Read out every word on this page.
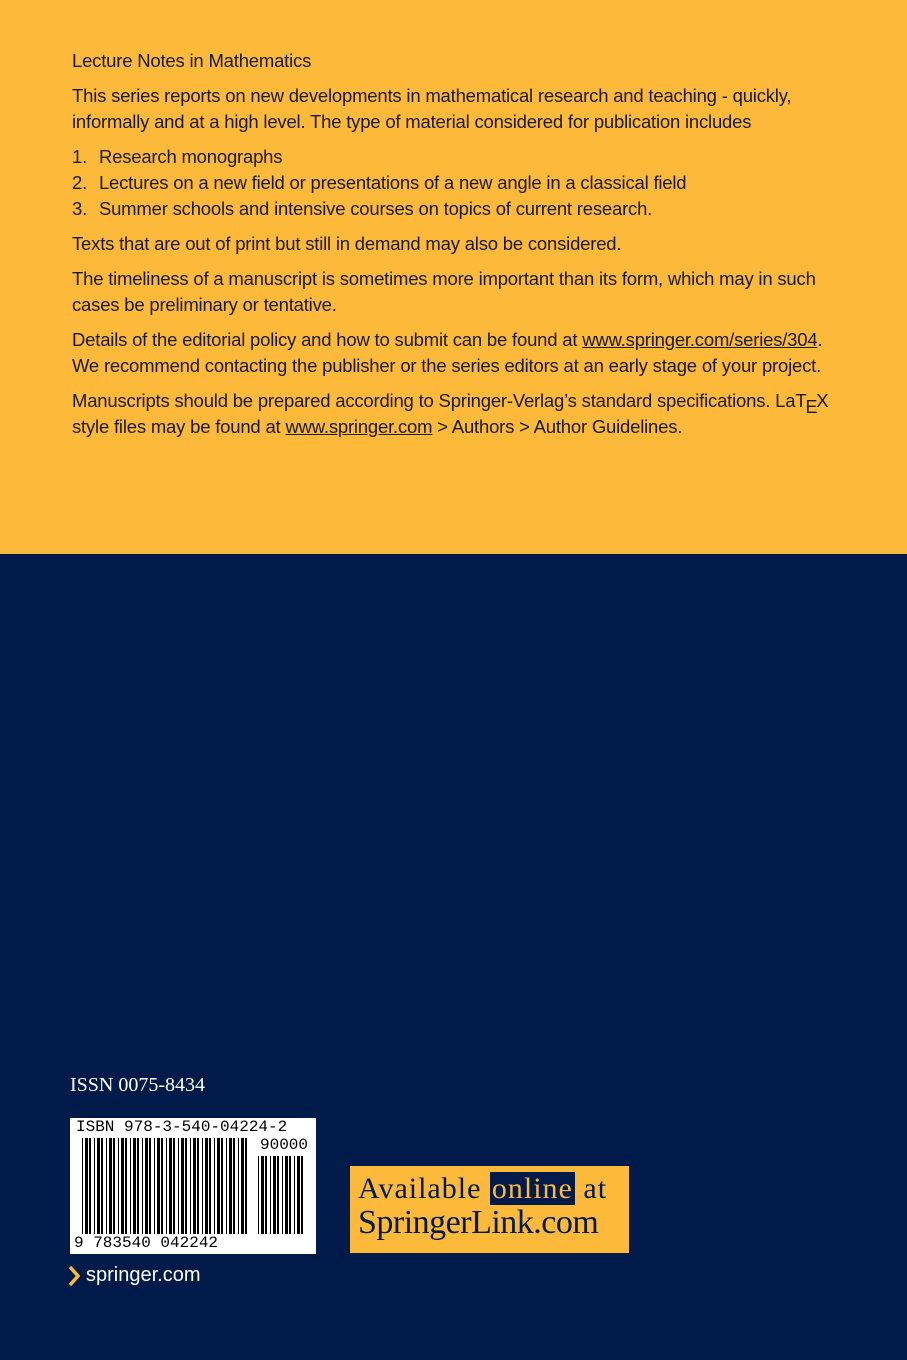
Lecture Notes in Mathematics

This series reports on new developments in mathematical research and teaching - quickly, informally and at a high level. The type of material considered for publication includes

1. Research monographs
2. Lectures on a new field or presentations of a new angle in a classical field
3. Summer schools and intensive courses on topics of current research.

Texts that are out of print but still in demand may also be considered.

The timeliness of a manuscript is sometimes more important than its form, which may in such cases be preliminary or tentative.

Details of the editorial policy and how to submit can be found at www.springer.com/series/304. We recommend contacting the publisher or the series editors at an early stage of your project.

Manuscripts should be prepared according to Springer-Verlag’s standard specifications. LaTEX style files may be found at www.springer.com > Authors > Author Guidelines.

ISSN 0075-8434
ISBN 978-3-540-04224-2
90000
9 783540 042242
Available online at
SpringerLink.com
springer.com
